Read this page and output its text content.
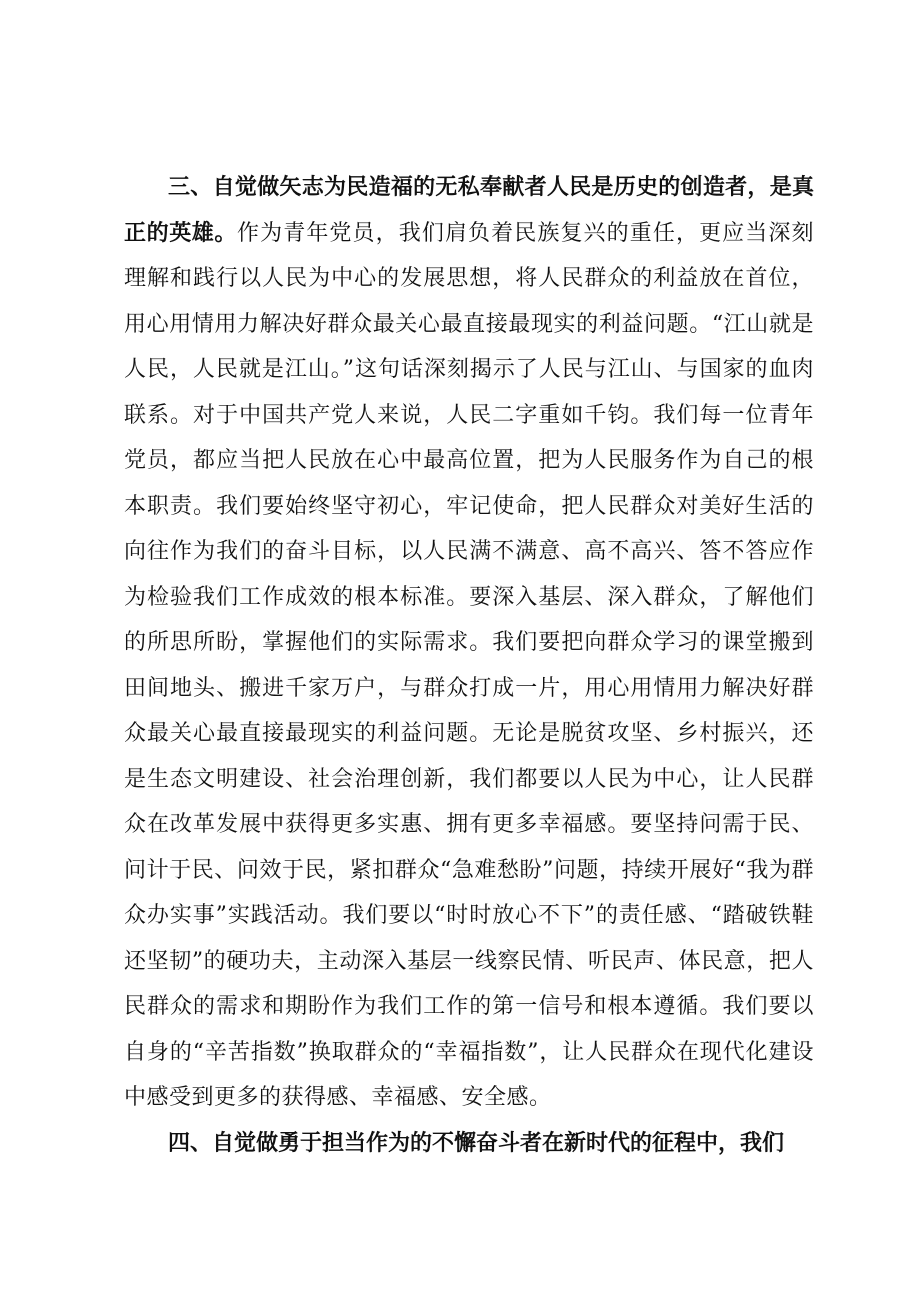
三、自觉做矢志为民造福的无私奉献者人民是历史的创造者，是真正的英雄。作为青年党员，我们肩负着民族复兴的重任，更应当深刻理解和践行以人民为中心的发展思想，将人民群众的利益放在首位，用心用情用力解决好群众最关心最直接最现实的利益问题。“江山就是人民，人民就是江山。”这句话深刻揭示了人民与江山、与国家的血肉联系。对于中国共产党人来说，人民二字重如千钧。我们每一位青年党员，都应当把人民放在心中最高位置，把为人民服务作为自己的根本职责。我们要始终坚守初心，牢记使命，把人民群众对美好生活的向往作为我们的奋斗目标，以人民满不满意、高不高兴、答不答应作为检验我们工作成效的根本标准。要深入基层、深入群众，了解他们的所思所盼，掌握他们的实际需求。我们要把向群众学习的课堂搬到田间地头、搬进千家万户，与群众打成一片，用心用情用力解决好群众最关心最直接最现实的利益问题。无论是脱贫攻坚、乡村振兴，还是生态文明建设、社会治理创新，我们都要以人民为中心，让人民群众在改革发展中获得更多实惠、拥有更多幸福感。要坚持问需于民、问计于民、问效于民，紧扣群众“急难愁盼”问题，持续开展好“我为群众办实事”实践活动。我们要以“时时放心不下”的责任感、“踏破铁鞋还坚韧”的硬功夫，主动深入基层一线察民情、听民声、体民意，把人民群众的需求和期盼作为我们工作的第一信号和根本遵循。我们要以自身的“辛苦指数”换取群众的“幸福指数”，让人民群众在现代化建设中感受到更多的获得感、幸福感、安全感。

四、自觉做勇于担当作为的不懈奋斗者在新时代的征程中，我们
